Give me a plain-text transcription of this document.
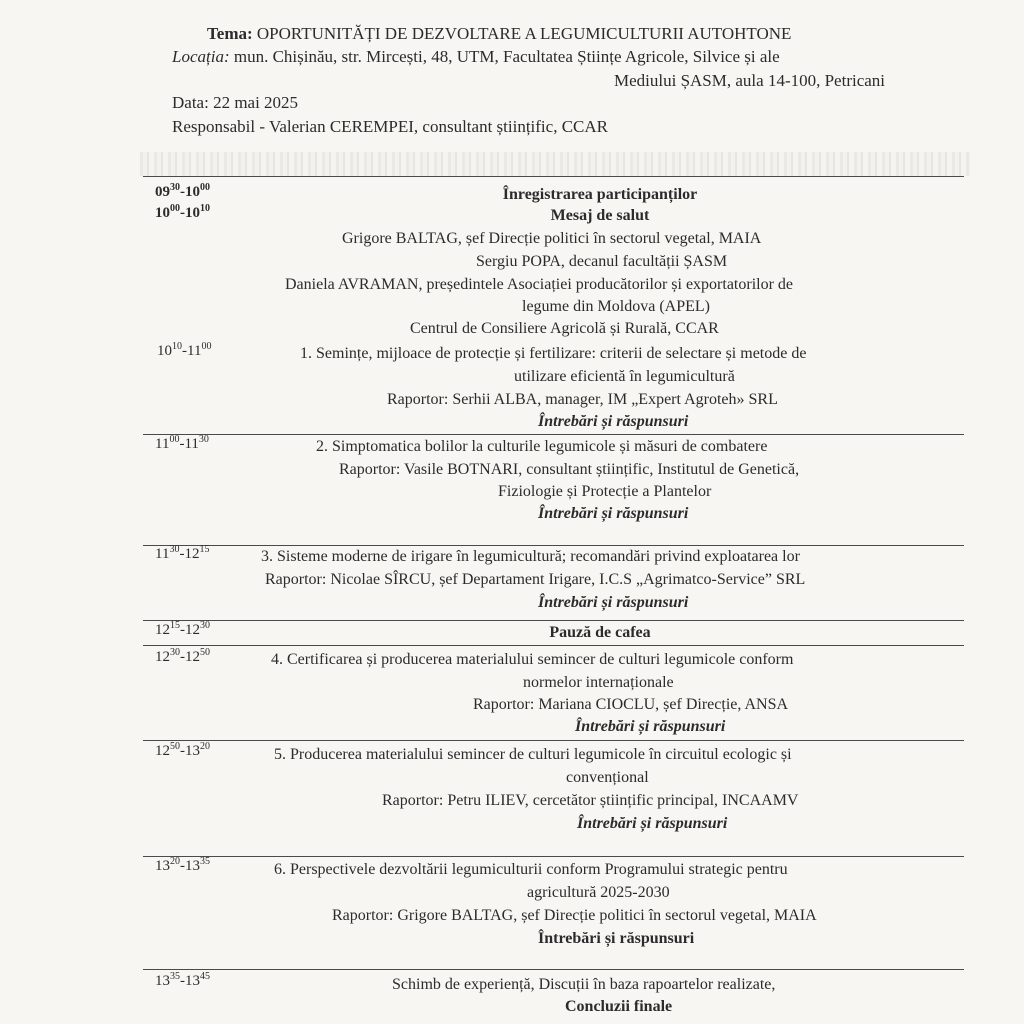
Tema: OPORTUNITĂȚI DE DEZVOLTARE A LEGUMICULTURII AUTOHTONE
Locația: mun. Chișinău, str. Mircești, 48, UTM, Facultatea Științe Agricole, Silvice și ale
Mediului ȘASM, aula 14-100, Petricani
Data: 22 mai 2025
Responsabil - Valerian CEREMPEI, consultant științific, CCAR
$09^{30}-10^{00}$	Înregistrarea participanților
$10^{00}-10^{10}$	Mesaj de salut
Grigore BALTAG, șef Direcție politici în sectorul vegetal, MAIA
Sergiu POPA, decanul facultății ȘASM
Daniela AVRAMAN, președintele Asociației producătorilor și exportatorilor de
legume din Moldova (APEL)
Centrul de Consiliere Agricolă și Rurală, CCAR
$10^{10}-11^{00}$	1. Semințe, mijloace de protecție și fertilizare: criterii de selectare și metode de
utilizare eficientă în legumicultură
Raportor: Serhii ALBA, manager, IM „Expert Agroteh» SRL
Întrebări și răspunsuri
$11^{00}-11^{30}$	2. Simptomatica bolilor la culturile legumicole și măsuri de combatere
Raportor: Vasile BOTNARI, consultant științific, Institutul de Genetică,
Fiziologie și Protecție a Plantelor
Întrebări și răspunsuri
$11^{30}-12^{15}$	3. Sisteme moderne de irigare în legumicultură; recomandări privind exploatarea lor
Raportor: Nicolae SÎRCU, șef Departament Irigare, I.C.S „Agrimatco-Service” SRL
Întrebări și răspunsuri
$12^{15}-12^{30}$	Pauză de cafea
$12^{30}-12^{50}$	4. Certificarea și producerea materialului semincer de culturi legumicole conform
normelor internaționale
Raportor: Mariana CIOCLU, șef Direcție, ANSA
Întrebări și răspunsuri
$12^{50}-13^{20}$	5. Producerea materialului semincer de culturi legumicole în circuitul ecologic și
convențional
Raportor: Petru ILIEV, cercetător științific principal, INCAAMV
Întrebări și răspunsuri
$13^{20}-13^{35}$	6. Perspectivele dezvoltării legumiculturii conform Programului strategic pentru
agricultură 2025-2030
Raportor: Grigore BALTAG, șef Direcție politici în sectorul vegetal, MAIA
Întrebări și răspunsuri
$13^{35}-13^{45}$	Schimb de experiență, Discuții în baza rapoartelor realizate,
Concluzii finale
